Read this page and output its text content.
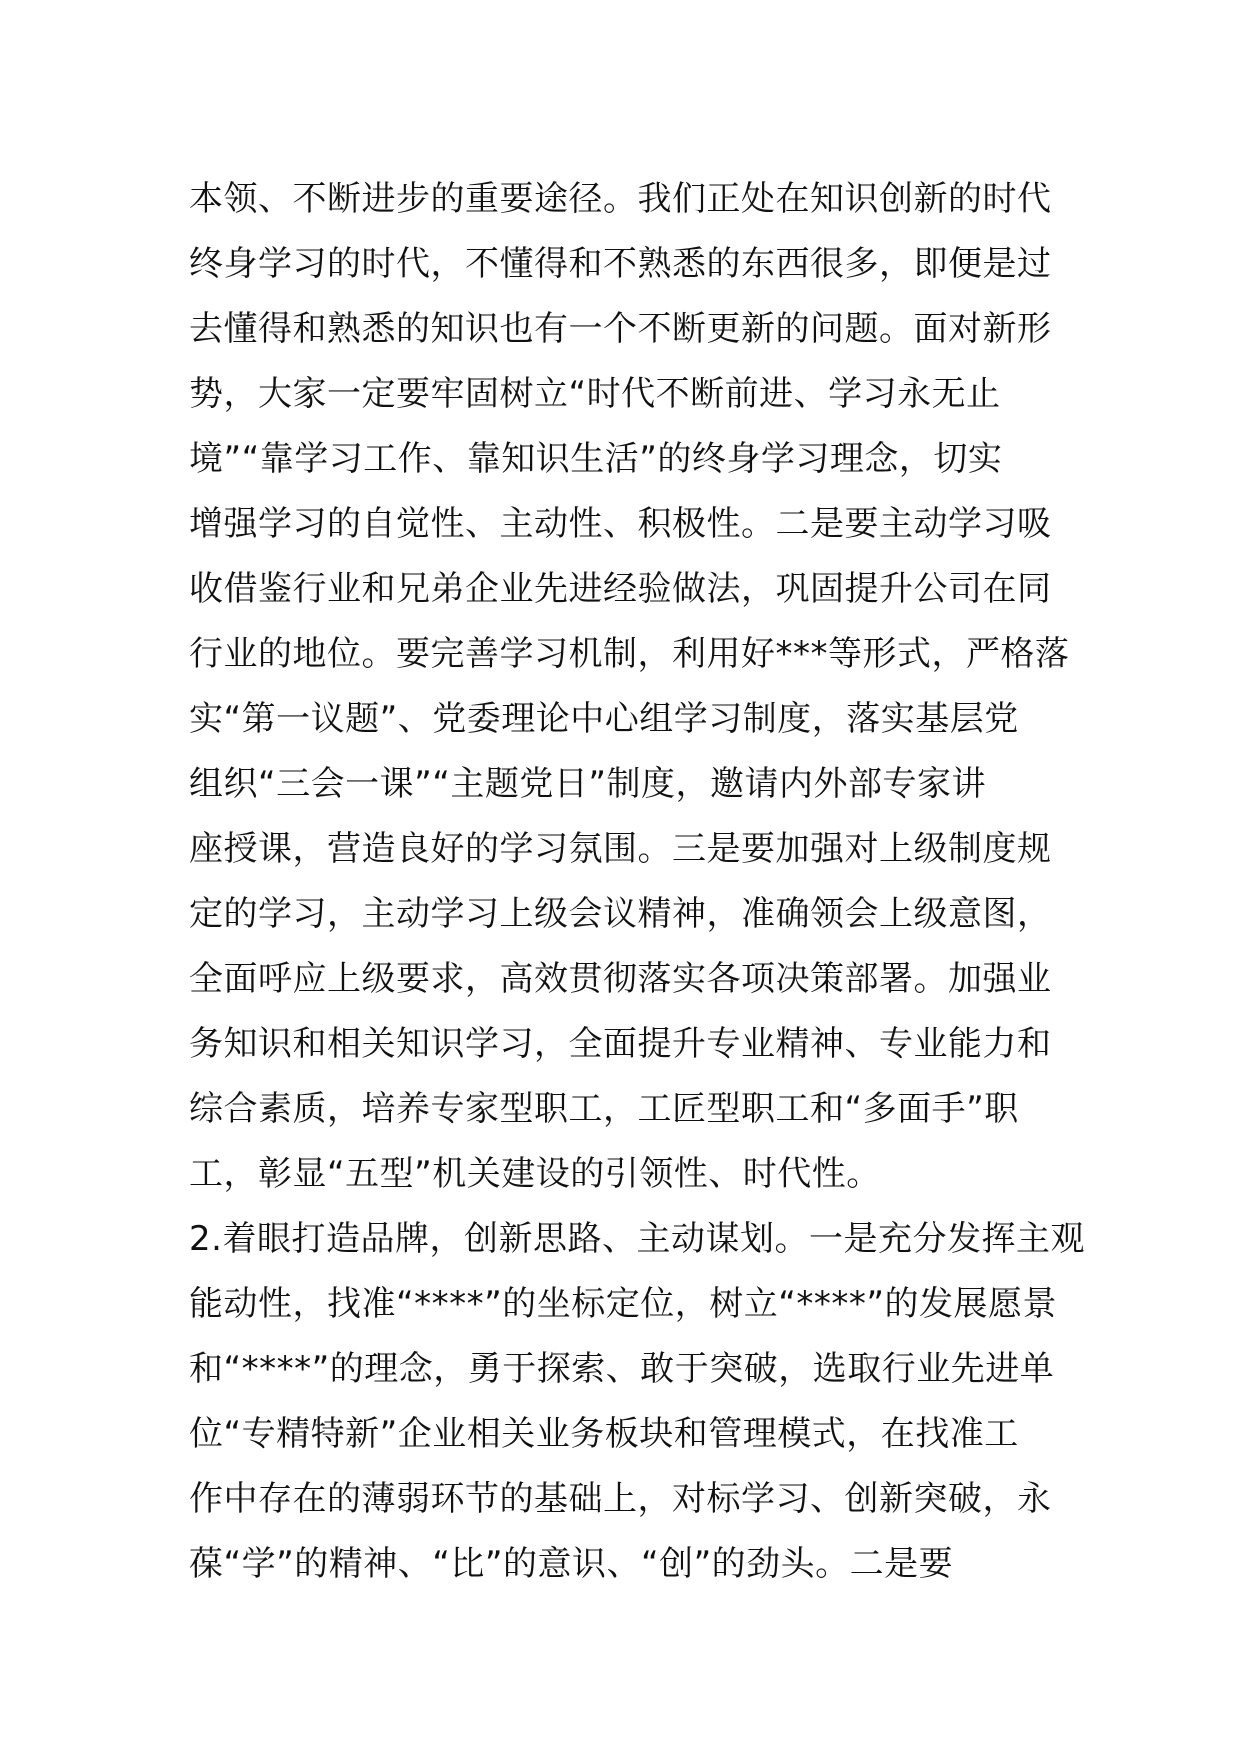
本领、不断进步的重要途径。我们正处在知识创新的时代
终身学习的时代，不懂得和不熟悉的东西很多，即便是过
去懂得和熟悉的知识也有一个不断更新的问题。面对新形
势，大家一定要牢固树立“时代不断前进、学习永无止
境”“靠学习工作、靠知识生活”的终身学习理念，切实
增强学习的自觉性、主动性、积极性。二是要主动学习吸
收借鉴行业和兄弟企业先进经验做法，巩固提升公司在同
行业的地位。要完善学习机制，利用好***等形式，严格落
实“第一议题”、党委理论中心组学习制度，落实基层党
组织“三会一课”“主题党日”制度，邀请内外部专家讲
座授课，营造良好的学习氛围。三是要加强对上级制度规
定的学习，主动学习上级会议精神，准确领会上级意图，
全面呼应上级要求，高效贯彻落实各项决策部署。加强业
务知识和相关知识学习，全面提升专业精神、专业能力和
综合素质，培养专家型职工，工匠型职工和“多面手”职
工，彰显“五型”机关建设的引领性、时代性。
2.着眼打造品牌，创新思路、主动谋划。一是充分发挥主观
能动性，找准“****”的坐标定位，树立“****”的发展愿景
和“****”的理念，勇于探索、敢于突破，选取行业先进单
位“专精特新”企业相关业务板块和管理模式，在找准工
作中存在的薄弱环节的基础上，对标学习、创新突破，永
葆“学”的精神、“比”的意识、“创”的劲头。二是要
